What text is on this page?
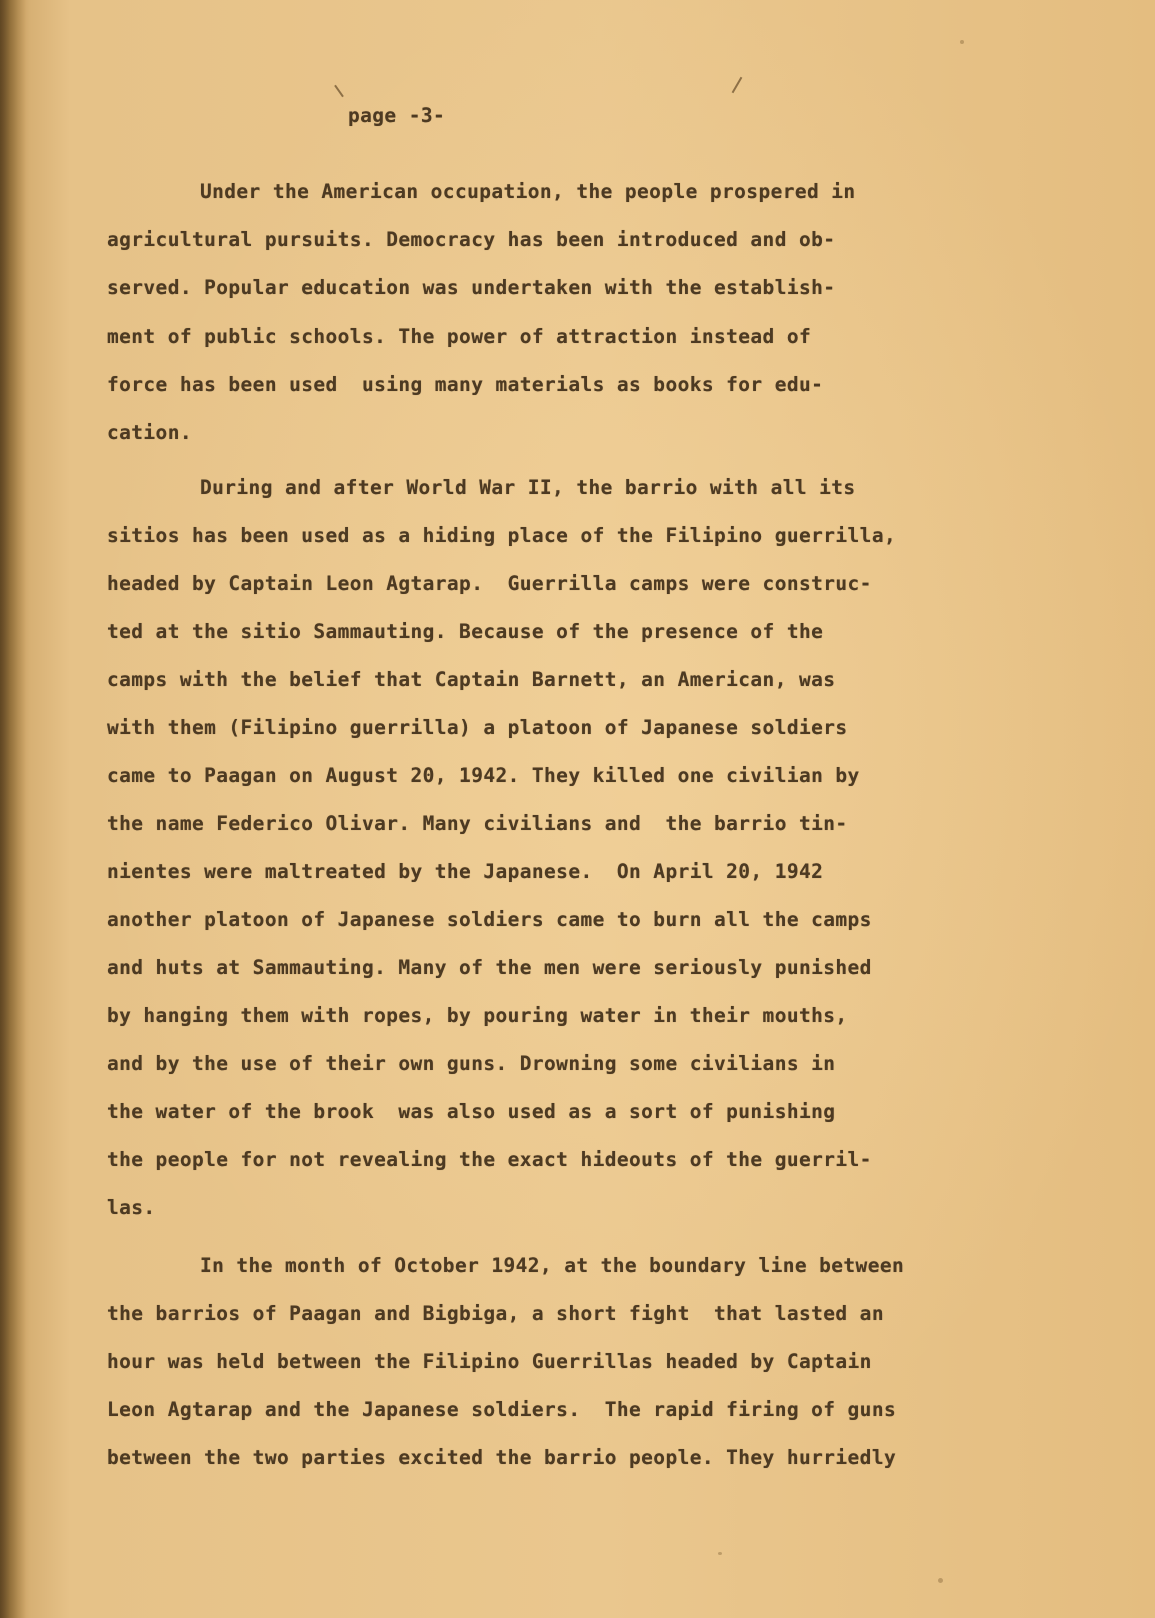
page -3-
Under the American occupation, the people prospered in
agricultural pursuits. Democracy has been introduced and ob-
served. Popular education was undertaken with the establish-
ment of public schools. The power of attraction instead of
force has been used  using many materials as books for edu-
cation.
During and after World War II, the barrio with all its
sitios has been used as a hiding place of the Filipino guerrilla,
headed by Captain Leon Agtarap.  Guerrilla camps were construc-
ted at the sitio Sammauting. Because of the presence of the
camps with the belief that Captain Barnett, an American, was
with them (Filipino guerrilla) a platoon of Japanese soldiers
came to Paagan on August 20, 1942. They killed one civilian by
the name Federico Olivar. Many civilians and  the barrio tin-
nientes were maltreated by the Japanese.  On April 20, 1942
another platoon of Japanese soldiers came to burn all the camps
and huts at Sammauting. Many of the men were seriously punished
by hanging them with ropes, by pouring water in their mouths,
and by the use of their own guns. Drowning some civilians in
the water of the brook  was also used as a sort of punishing
the people for not revealing the exact hideouts of the guerril-
las.
In the month of October 1942, at the boundary line between
the barrios of Paagan and Bigbiga, a short fight  that lasted an
hour was held between the Filipino Guerrillas headed by Captain
Leon Agtarap and the Japanese soldiers.  The rapid firing of guns
between the two parties excited the barrio people. They hurriedly
